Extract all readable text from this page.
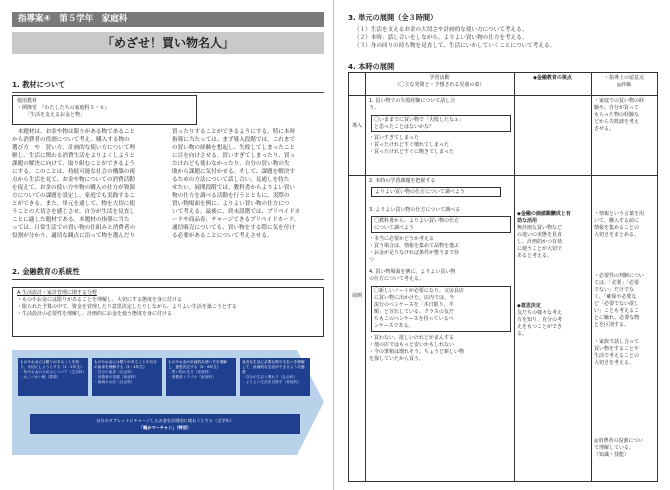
指導案④　第５学年　家庭科
「めざせ！買い物名人」
1. 教材について
使用教材
・開隆堂　『わたしたちの家庭科５・６』
「生活を支えるお金と物」
　本題材は、お金や物は限りがある物であること
から消費者の役割について考え、購入する物の
選び方　や　買い方、計画的な使い方について理
解し、生活に関わる消費生活をよりよくしようと
課題の解決に向けて、取り組むことができるよう
にする。このことは、持続可能な社会の構築の視
点から生活を見て、お金や物についての消費活動
を捉えて、お金の使い方や物の購入の仕方が資源
方についての課題を設定し、家庭でも実践するこ
とができる。また、単元を通して、物を大切に使
うことの大切さを感じさせ、自分が生活を見直し
ことに適した題材である。本題材の指導に当た
っては、日常生活での買い物の仕組みと消費者の
役割が分かり、適切な観点に沿って物を選んだり
買ったりすることができるようにする。特に本時
指導に当たっては、まず導入段階では、これまで
の買い物の経験を想起し、失敗してしまったこと
に目を向けさせる。買いすぎてしまったり、買っ
たけれども使わなかったり、自分の買い物の失
敗から課題に気付かせる。そして、課題を解決す
るための方法について話し合い、見通しを持た
せたい。展開段階では、教科書からよりよい買い
物の仕方を調べる活動を行うとともに、実際の
買い物場面を例に、よりよい買い物の仕方につ
いて考える。最後に、終末段階では、プリペイドカ
ードや商品券、チャージできるプリペイドカード、
通信販売についても、買い物をする際に気を付け
る必要があることについて考えさせる。
2. 金融教育の系統性
A 生活設計・家計管理に関する分野
・ものやお金には限りがあることを理解し、大切にする態度を身に付ける
・限られた予算の中で、資金を管理したり意思決定したりしながら、よりよい生活を築こうとする
・生活設計の必要性を理解し、計画的にお金を使う態度を身に付ける
ものやお金には限りがあることを知り、大切にしようとする（1・2年生）
・物やお金の大切さについて（生活科）
・おこづかい帳（算数）
ものやお金には限りがあることや自分の欲求を理解する（3・4年生）
・自分の欲求（社会科）
・消費者の役割（家庭科）
・地域のお店（社会科）
ものやお金が計画的な使い方を理解し、意思決定する（5・6年生）
・買い物の仕方（家庭科）
・消費者トラブル（家庭科）
身近な生活に必要な物や支払いを理解して、計画的な生活ができるような態度
・自分の生活と関わり（社会科）
・よりよい生活を目指す（家庭科）
自分のタブレットにチャージしたお金を計画的に使おうとする（全学年）
「親かマーチャン」（特活）
3. 単元の展開（全３時間）
（１）生活を支えるお金の大切さや計画的な使い方について考える。
（２）本時：話し合いをしながら、よりよい買い物の仕方を考える。
（３）身の回りの持ち物を見直して、生活にいかしていくことについて考える。
4. 本時の展開
学習活動
（〇主な発問と・予想される児童の姿）
◆金融教育の視点	・指導上の留意点
◎評価
導入
展開
1. 買い物での失敗経験について話し合
う。
〇いままでに買い物で「失敗したなぁ」
と思ったことはないかな？
・買いすぎてしまった
・買ったけれどすぐ壊れてしまった
・買ったけれどすぐに飽きてしまった
2. 本時の学習課題を把握する
よりよい買い物の仕方について調べよう
3. よりよい買い物の仕方について調べる
〇教科書から、よりよい買い物の仕方
について調べよう
・本当に必要かどうか考える
・買う場合は、情報を集めて品物を選ぶ
・お金が足りなければ条件が整うまで待
つ
4. 買い物場面を例に、よりよい買い物
の仕方について考える。
〇新しいノートが必要になり、文房具店
に買い物に出かけた。店内では、今
流行のペンケースを「本日限り、半
額」と宣伝している。クラスの友だ
ちもこのペンケースを持っているペ
ンケースである。
・買わない。欲しいけれどがまんする
・他の店ではもっと安いかもしれない
・今の筆箱は壊れそう。ちょうど新しい物
を探していたから買う。
◆金融の価値観醸成と有
効な活用
無計画な買い物など
の違いの実態を見直
し、計画的かつ有効
に使うことが大切で
あると考える。
◆意思決定
友だちの様々な考え
方を知り、自分の考
えをもつことができ
る。
・家庭での買い物の経
験や、自分が買って
もらった物の経験な
どから失敗談を考え
させる。
・情報という言葉を用
いて、購入する前に
情報を集めることの
大切さをまとめる。
・必要性の判断につい
ては、「必要」「必要
でない」だけでな
く、「確保や必要な
ど「必要でない欲し
い」ことも考えるこ
とに触れ、必要な物
とを区別する。
・家族で話し合って
買い物をすることや
生活で考えることの
大切さを考える。
◎消費者の役割につい
て理解している。
（知識・技能）
